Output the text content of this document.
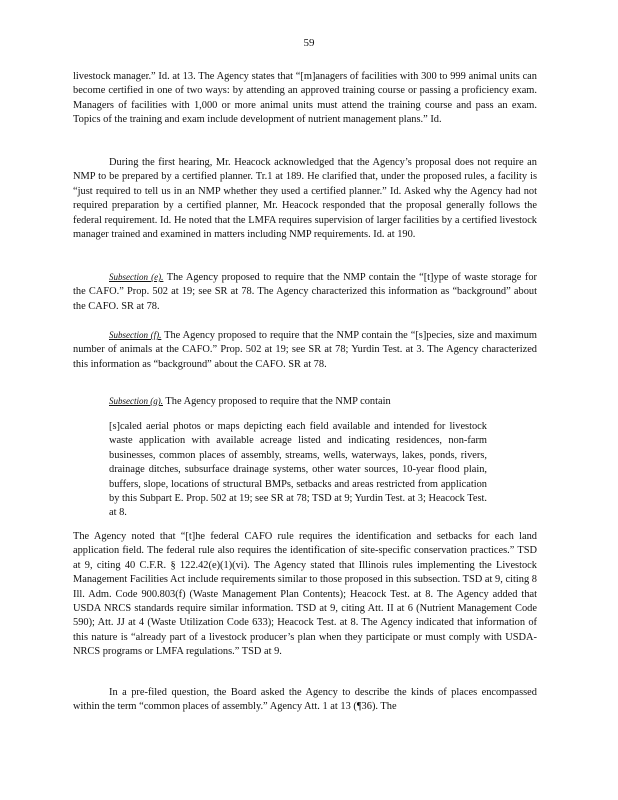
59

livestock manager.” Id. at 13. The Agency states that “[m]anagers of facilities with 300 to 999 animal units can become certified in one of two ways: by attending an approved training course or passing a proficiency exam. Managers of facilities with 1,000 or more animal units must attend the training course and pass an exam. Topics of the training and exam include development of nutrient management plans.” Id.

During the first hearing, Mr. Heacock acknowledged that the Agency’s proposal does not require an NMP to be prepared by a certified planner. Tr.1 at 189. He clarified that, under the proposed rules, a facility is “just required to tell us in an NMP whether they used a certified planner.” Id. Asked why the Agency had not required preparation by a certified planner, Mr. Heacock responded that the proposal generally follows the federal requirement. Id. He noted that the LMFA requires supervision of larger facilities by a certified livestock manager trained and examined in matters including NMP requirements. Id. at 190.

Subsection (e). The Agency proposed to require that the NMP contain the “[t]ype of waste storage for the CAFO.” Prop. 502 at 19; see SR at 78. The Agency characterized this information as “background” about the CAFO. SR at 78.

Subsection (f). The Agency proposed to require that the NMP contain the “[s]pecies, size and maximum number of animals at the CAFO.” Prop. 502 at 19; see SR at 78; Yurdin Test. at 3. The Agency characterized this information as “background” about the CAFO. SR at 78.

Subsection (g). The Agency proposed to require that the NMP contain

[s]caled aerial photos or maps depicting each field available and intended for livestock waste application with available acreage listed and indicating residences, non-farm businesses, common places of assembly, streams, wells, waterways, lakes, ponds, rivers, drainage ditches, subsurface drainage systems, other water sources, 10-year flood plain, buffers, slope, locations of structural BMPs, setbacks and areas restricted from application by this Subpart E. Prop. 502 at 19; see SR at 78; TSD at 9; Yurdin Test. at 3; Heacock Test. at 8.

The Agency noted that “[t]he federal CAFO rule requires the identification and setbacks for each land application field. The federal rule also requires the identification of site-specific conservation practices.” TSD at 9, citing 40 C.F.R. § 122.42(e)(1)(vi). The Agency stated that Illinois rules implementing the Livestock Management Facilities Act include requirements similar to those proposed in this subsection. TSD at 9, citing 8 Ill. Adm. Code 900.803(f) (Waste Management Plan Contents); Heacock Test. at 8. The Agency added that USDA NRCS standards require similar information. TSD at 9, citing Att. II at 6 (Nutrient Management Code 590); Att. JJ at 4 (Waste Utilization Code 633); Heacock Test. at 8. The Agency indicated that information of this nature is “already part of a livestock producer’s plan when they participate or must comply with USDA-NRCS programs or LMFA regulations.” TSD at 9.

In a pre-filed question, the Board asked the Agency to describe the kinds of places encompassed within the term “common places of assembly.” Agency Att. 1 at 13 (¶36). The
